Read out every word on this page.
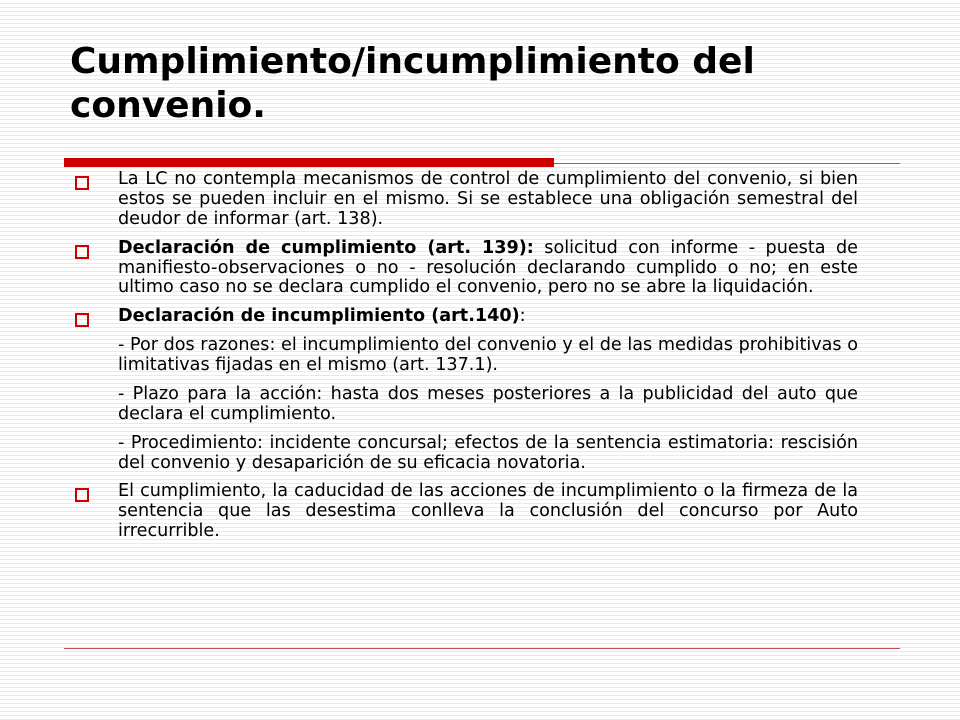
Cumplimiento/incumplimiento del convenio.
La LC no contempla mecanismos de control de cumplimiento del convenio, si bien estos se pueden incluir en el mismo. Si se establece una obligación semestral del deudor de informar (art. 138).
Declaración de cumplimiento (art. 139): solicitud con informe - puesta de manifiesto-observaciones o no - resolución declarando cumplido o no; en este ultimo caso no se declara cumplido el convenio, pero no se abre la liquidación.
Declaración de incumplimiento (art.140):
- Por dos razones: el incumplimiento del convenio y el de las medidas prohibitivas o limitativas fijadas en el mismo (art. 137.1).
- Plazo para la acción: hasta dos meses posteriores a la publicidad del auto que declara el cumplimiento.
- Procedimiento: incidente concursal; efectos de la sentencia estimatoria: rescisión del convenio y desaparición de su eficacia novatoria.
El cumplimiento, la caducidad de las acciones de incumplimiento o la firmeza de la sentencia que las desestima conlleva la conclusión del concurso por Auto irrecurrible.
